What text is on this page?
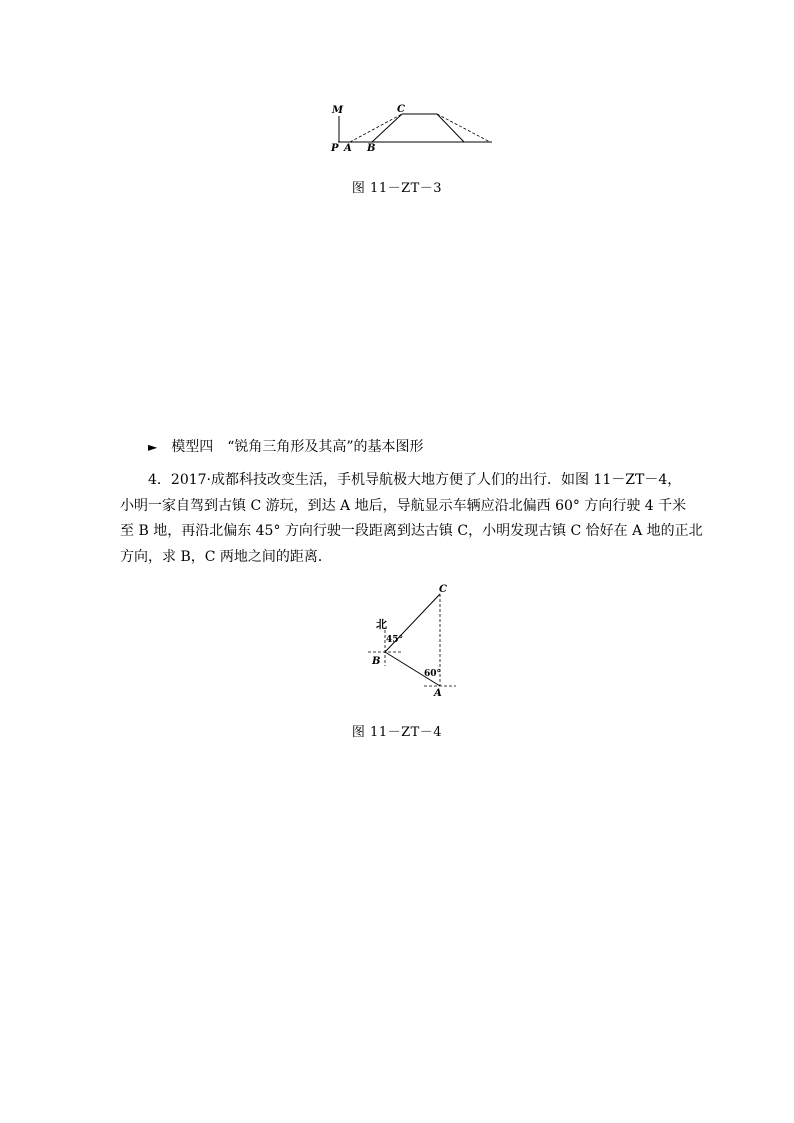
M	C
P A B
图 11－ZT－3
► 模型四　“锐角三角形及其高”的基本图形
4．2017·成都科技改变生活，手机导航极大地方便了人们的出行．如图 11－ZT－4，
小明一家自驾到古镇 C 游玩，到达 A 地后，导航显示车辆应沿北偏西 60° 方向行驶 4 千米
至 B 地，再沿北偏东 45° 方向行驶一段距离到达古镇 C，小明发现古镇 C 恰好在 A 地的正北
方向，求 B，C 两地之间的距离．
C
北
45°
B
60°
A
图 11－ZT－4
